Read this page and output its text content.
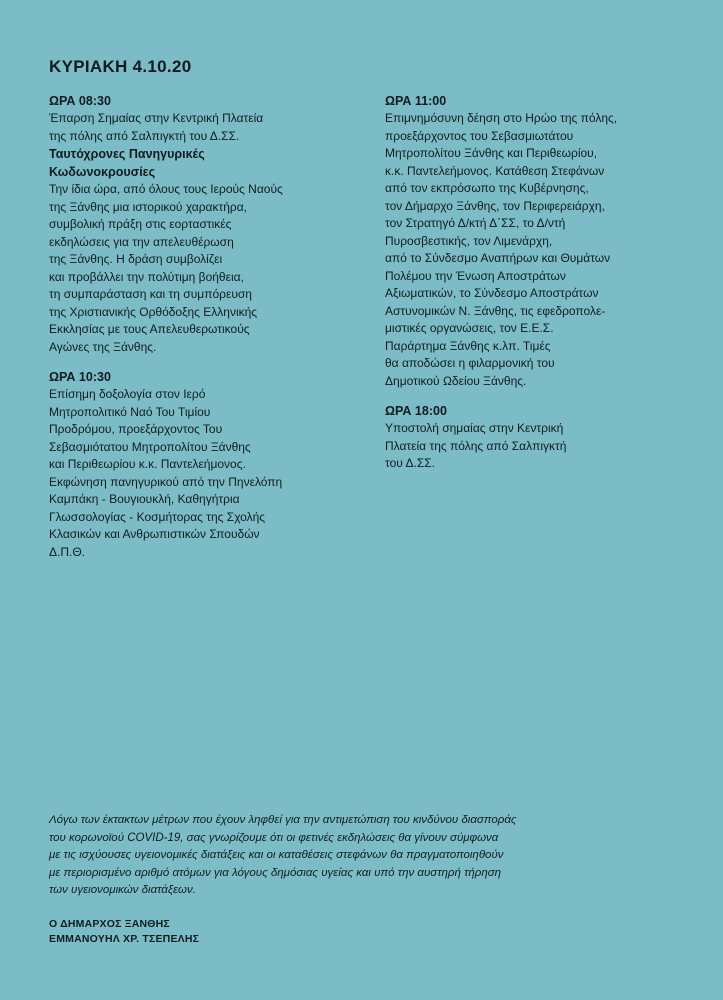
ΚΥΡΙΑΚΗ 4.10.20
ΩΡΑ 08:30
Έπαρση Σημαίας στην Κεντρική Πλατεία
της πόλης από Σαλπιγκτή του Δ.ΣΣ.
Ταυτόχρονες Πανηγυρικές
Κωδωνοκρουσίες
Την ίδια ώρα, από όλους τους Ιερούς Ναούς
της Ξάνθης μια ιστορικού χαρακτήρα,
συμβολική πράξη στις εορταστικές
εκδηλώσεις για την απελευθέρωση
της Ξάνθης. Η δράση συμβολίζει
και προβάλλει την πολύτιμη βοήθεια,
τη συμπαράσταση και τη συμπόρευση
της Χριστιανικής Ορθόδοξης Ελληνικής
Εκκλησίας με τους Απελευθερωτικούς
Αγώνες της Ξάνθης.
ΩΡΑ 10:30
Επίσημη δοξολογία στον Ιερό
Μητροπολιτικό Ναό Του Τιμίου
Προδρόμου, προεξάρχοντος Του
Σεβασμιότατου Μητροπολίτου Ξάνθης
και Περιθεωρίου κ.κ. Παντελεήμονος.
Εκφώνηση πανηγυρικού από την Πηνελόπη
Καμπάκη - Βουγιουκλή, Καθηγήτρια
Γλωσσολογίας - Κοσμήτορας της Σχολής
Κλασικών και Ανθρωπιστικών Σπουδών
Δ.Π.Θ.
ΩΡΑ 11:00
Επιμνημόσυνη δέηση στο Ηρώο της πόλης,
προεξάρχοντος του Σεβασμιωτάτου
Μητροπολίτου Ξάνθης και Περιθεωρίου,
κ.κ. Παντελεήμονος. Κατάθεση Στεφάνων
από τον εκπρόσωπο της Κυβέρνησης,
τον Δήμαρχο Ξάνθης, τον Περιφερειάρχη,
τον Στρατηγό Δ/κτή Δ΄ΣΣ, το Δ/ντή
Πυροσβεστικής, τον Λιμενάρχη,
από το Σύνδεσμο Αναπήρων και Θυμάτων
Πολέμου την Ένωση Αποστράτων
Αξιωματικών, το Σύνδεσμο Αποστράτων
Αστυνομικών Ν. Ξάνθης, τις εφεδροπολε-
μιστικές οργανώσεις, τον Ε.Ε.Σ.
Παράρτημα Ξάνθης κ.λπ. Τιμές
θα αποδώσει η φιλαρμονική του
Δημοτικού Ωδείου Ξάνθης.
ΩΡΑ 18:00
Υποστολή σημαίας στην Κεντρική
Πλατεία της πόλης από Σαλπιγκτή
του Δ.ΣΣ.
Λόγω των έκτακτων μέτρων που έχουν ληφθεί για την αντιμετώπιση του κινδύνου διασποράς
του κορωνοϊού COVID-19, σας γνωρίζουμε ότι οι φετινές εκδηλώσεις θα γίνουν σύμφωνα
με τις ισχύουσες υγειονομικές διατάξεις και οι καταθέσεις στεφάνων θα πραγματοποιηθούν
με περιορισμένο αριθμό ατόμων για λόγους δημόσιας υγείας και υπό την αυστηρή τήρηση
των υγειονομικών διατάξεων.
Ο ΔΗΜΑΡΧΟΣ ΞΑΝΘΗΣ
ΕΜΜΑΝΟΥΗΛ ΧΡ. ΤΣΕΠΕΛΗΣ
